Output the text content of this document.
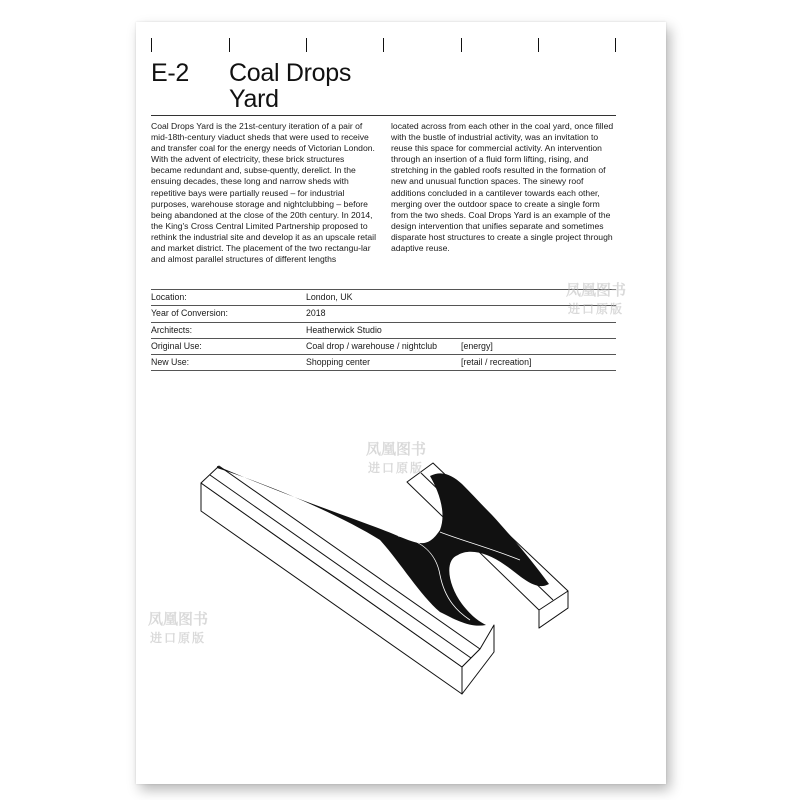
E-2 Coal Drops
Yard
Coal Drops Yard is the 21st-century iteration of a pair of mid-18th-century viaduct sheds that were used to receive and transfer coal for the energy needs of Victorian London. With the advent of electricity, these brick structures became redundant and, subse-quently, derelict. In the ensuing decades, these long and narrow sheds with repetitive bays were partially reused – for industrial purposes, warehouse storage and nightclubbing – before being abandoned at the close of the 20th century. In 2014, the King's Cross Central Limited Partnership proposed to rethink the industrial site and develop it as an upscale retail and market district. The placement of the two rectangu-lar and almost parallel structures of different lengths
located across from each other in the coal yard, once filled with the bustle of industrial activity, was an invitation to reuse this space for commercial activity. An intervention through an insertion of a fluid form lifting, rising, and stretching in the gabled roofs resulted in the formation of new and unusual function spaces. The sinewy roof additions concluded in a cantilever towards each other, merging over the outdoor space to create a single form from the two sheds. Coal Drops Yard is an example of the design intervention that unifies separate and sometimes disparate host structures to create a single project through adaptive reuse.
Location:	London, UK
Year of Conversion:	2018
Architects:	Heatherwick Studio
Original Use:	Coal drop / warehouse / nightclub	[energy]
New Use:	Shopping center	[retail / recreation]
凤凰图书
进口原版
凤凰图书
进口原版
凤凰图书
进口原版
